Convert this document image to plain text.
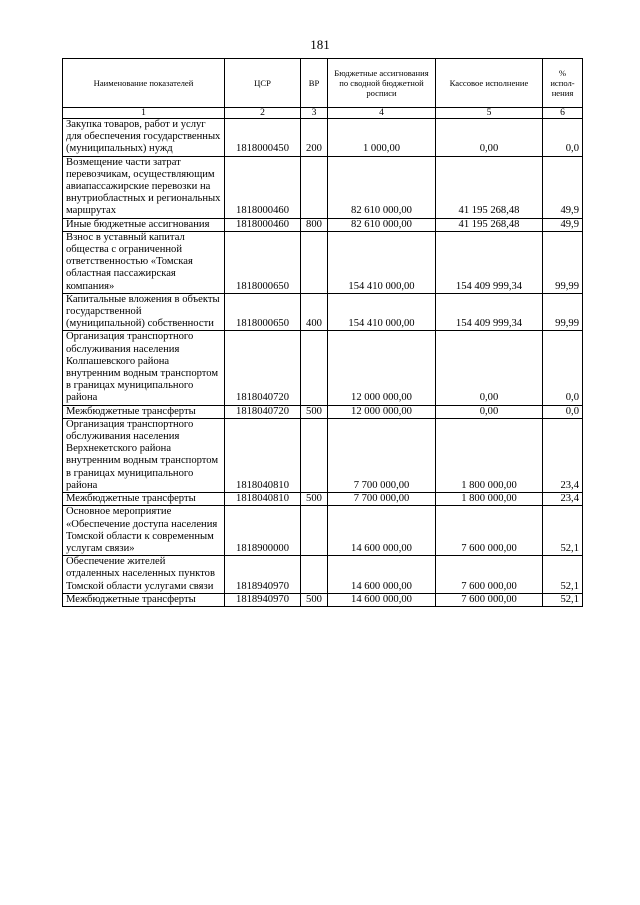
181
Наименование показателей	ЦСР	ВР	Бюджетные ассигнования по сводной бюджетной росписи	Кассовое исполнение	% испол-нения
1	2	3	4	5	6
Закупка товаров, работ и услуг для обеспечения государственных (муниципальных) нужд	1818000450	200	1 000,00	0,00	0,0
Возмещение части затрат перевозчикам, осуществляющим авиапассажирские перевозки на внутриобластных и региональных маршрутах	1818000460		82 610 000,00	41 195 268,48	49,9
Иные бюджетные ассигнования	1818000460	800	82 610 000,00	41 195 268,48	49,9
Взнос в уставный капитал общества с ограниченной ответственностью «Томская областная пассажирская компания»	1818000650		154 410 000,00	154 409 999,34	99,99
Капитальные вложения в объекты государственной (муниципальной) собственности	1818000650	400	154 410 000,00	154 409 999,34	99,99
Организация транспортного обслуживания населения Колпашевского района внутренним водным транспортом в границах муниципального района	1818040720		12 000 000,00	0,00	0,0
Межбюджетные трансферты	1818040720	500	12 000 000,00	0,00	0,0
Организация транспортного обслуживания населения Верхнекетского района внутренним водным транспортом в границах муниципального района	1818040810		7 700 000,00	1 800 000,00	23,4
Межбюджетные трансферты	1818040810	500	7 700 000,00	1 800 000,00	23,4
Основное мероприятие «Обеспечение доступа населения Томской области к современным услугам связи»	1818900000		14 600 000,00	7 600 000,00	52,1
Обеспечение жителей отдаленных населенных пунктов Томской области услугами связи	1818940970		14 600 000,00	7 600 000,00	52,1
Межбюджетные трансферты	1818940970	500	14 600 000,00	7 600 000,00	52,1
